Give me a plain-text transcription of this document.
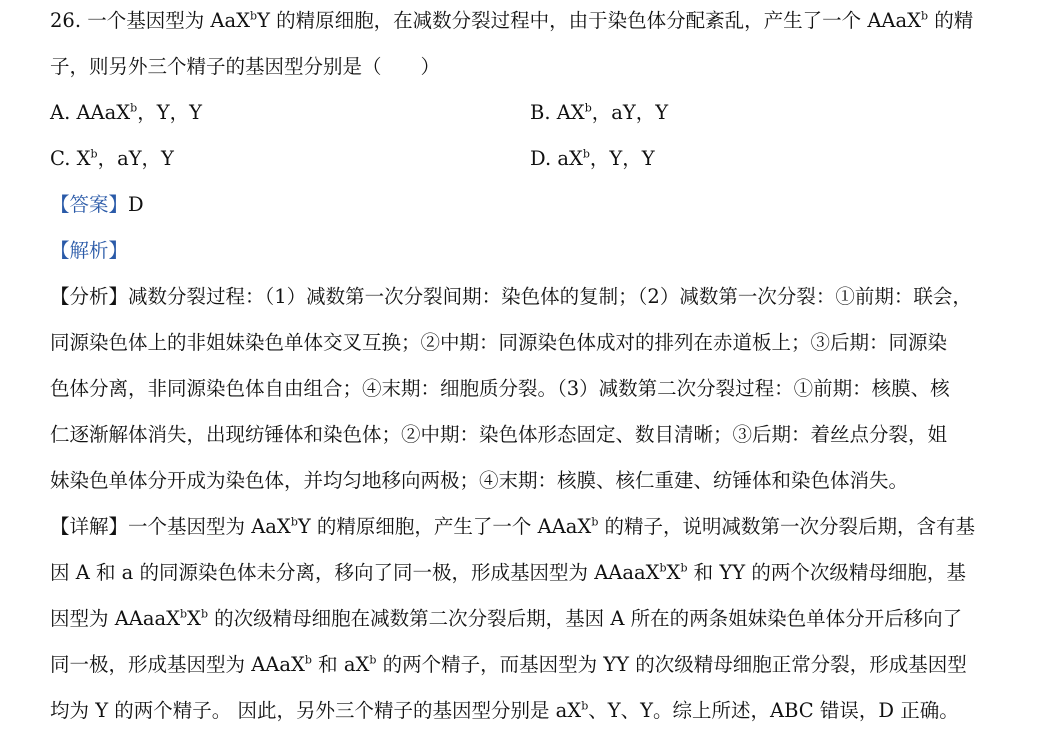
26. 一个基因型为 AaX$^b$Y 的精原细胞，在减数分裂过程中，由于染色体分配紊乱，产生了一个 AAaX$^b$ 的精
子，则另外三个精子的基因型分别是（　　）
A. AAaX$^b$，Y，Y	B. $AX^b$，aY，Y
C. $X^b$，aY，Y	D. $aX^b$，Y，Y
【答案】D
【解析】
【分析】减数分裂过程：（1）减数第一次分裂间期：染色体的复制；（2）减数第一次分裂：①前期：联会，
同源染色体上的非姐妹染色单体交叉互换；②中期：同源染色体成对的排列在赤道板上；③后期：同源染
色体分离，非同源染色体自由组合；④末期：细胞质分裂。（3）减数第二次分裂过程：①前期：核膜、核
仁逐渐解体消失，出现纺锤体和染色体；②中期：染色体形态固定、数目清晰；③后期：着丝点分裂，姐
妹染色单体分开成为染色体，并均匀地移向两极；④末期：核膜、核仁重建、纺锤体和染色体消失。
【详解】一个基因型为 AaX$^b$Y 的精原细胞，产生了一个 AAaX$^b$ 的精子，说明减数第一次分裂后期，含有基
因 A 和 a 的同源染色体未分离，移向了同一极，形成基因型为 $AAaaX^bX^b$ 和 YY 的两个次级精母细胞，基
因型为 $AAaaX^bX^b$ 的次级精母细胞在减数第二次分裂后期，基因 A 所在的两条姐妹染色单体分开后移向了
同一极，形成基因型为 AAaX$^b$ 和 $aX^b$ 的两个精子，而基因型为 YY 的次级精母细胞正常分裂，形成基因型
均为 Y 的两个精子。 因此，另外三个精子的基因型分别是 $aX^b$、Y、Y。综上所述，ABC 错误，D 正确。
